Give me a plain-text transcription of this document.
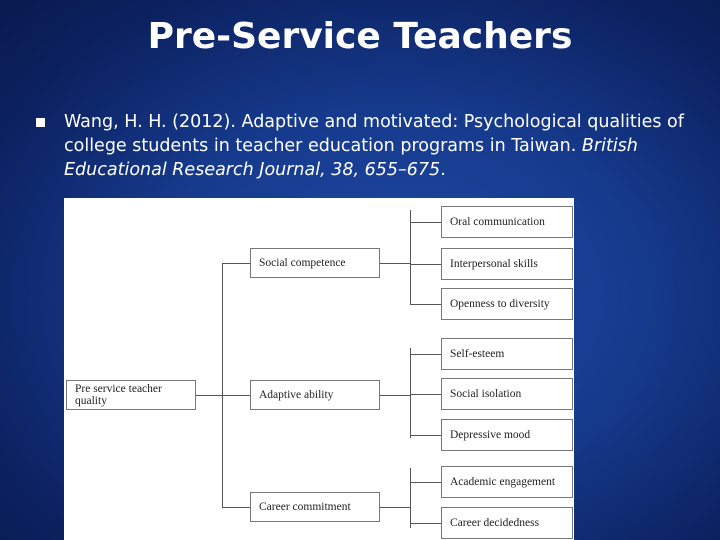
Pre-Service Teachers
Wang, H. H. (2012). Adaptive and motivated: Psychological qualities of college students in teacher education programs in Taiwan. British Educational Research Journal, 38, 655–675.
Pre service teacher quality
Social competence
Adaptive ability
Career commitment
Oral communication
Interpersonal skills
Openness to diversity
Self-esteem
Social isolation
Depressive mood
Academic engagement
Career decidedness
